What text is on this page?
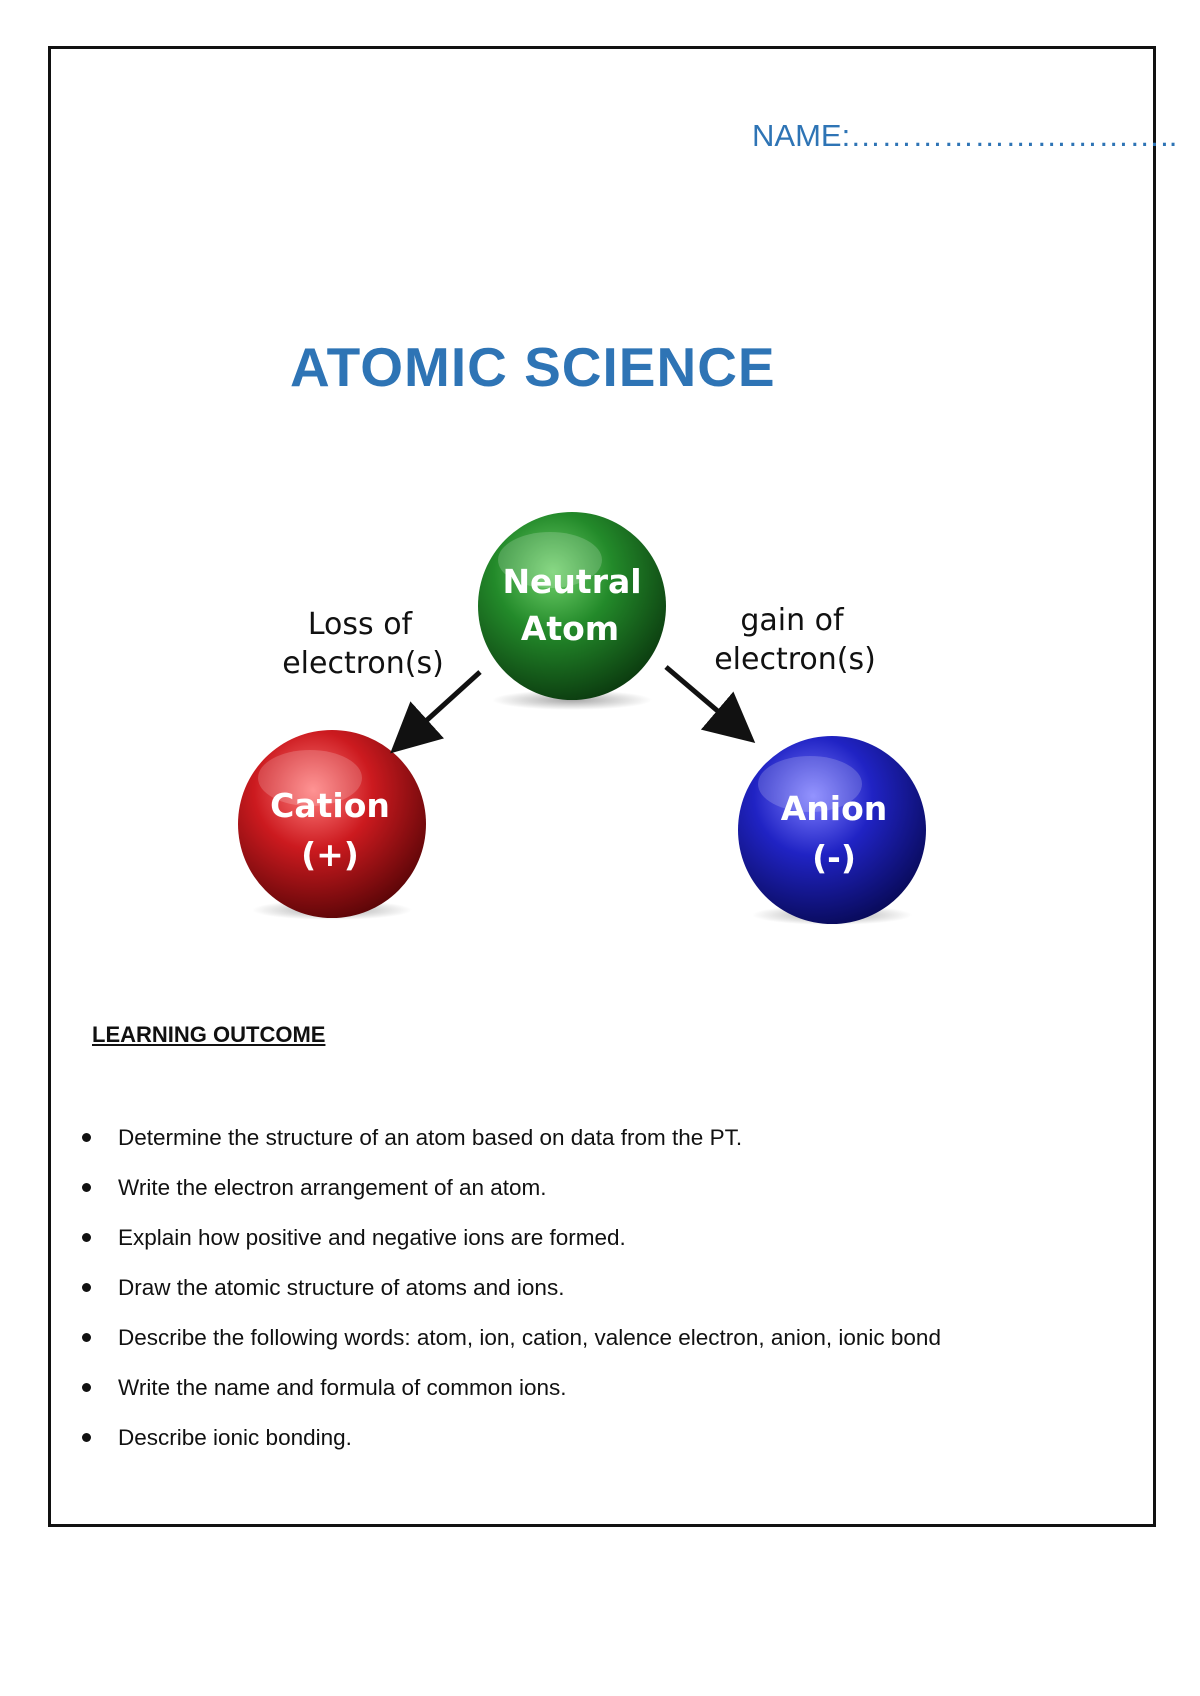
NAME:…………………………..
ATOMIC SCIENCE
Neutral
Atom
Cation
(+)
Anion
(-)
Loss of
electron(s)
gain of
electron(s)
LEARNING OUTCOME
Determine the structure of an atom based on data from the PT.
Write the electron arrangement of an atom.
Explain how positive and negative ions are formed.
Draw the atomic structure of atoms and ions.
Describe the following words: atom, ion, cation, valence electron, anion, ionic bond
Write the name and formula of common ions.
Describe ionic bonding.
